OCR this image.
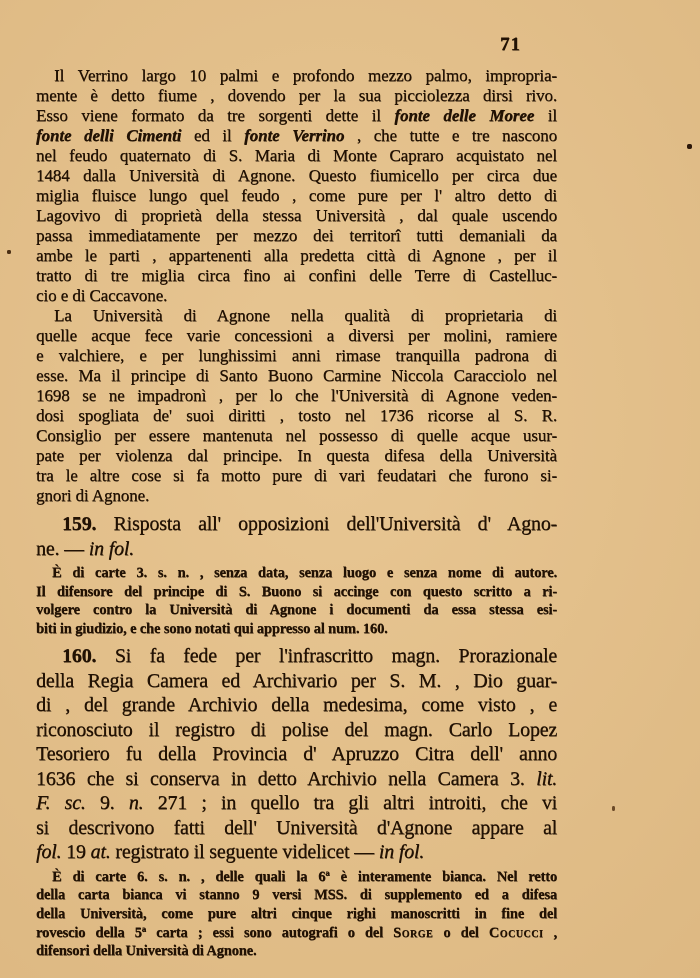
71
Il Verrino largo 10 palmi e profondo mezzo palmo, impropria-
mente è detto fiume , dovendo per la sua picciolezza dirsi rivo.
Esso viene formato da tre sorgenti dette il fonte delle Moree il
fonte delli Cimenti ed il fonte Verrino , che tutte e tre nascono
nel feudo quaternato di S. Maria di Monte Capraro acquistato nel
1484 dalla Università di Agnone. Questo fiumicello per circa due
miglia fluisce lungo quel feudo , come pure per l' altro detto di
Lagovivo di proprietà della stessa Università , dal quale uscendo
passa immediatamente per mezzo dei territorî tutti demaniali da
ambe le parti , appartenenti alla predetta città di Agnone , per il
tratto di tre miglia circa fino ai confini delle Terre di Castelluc-
cio e di Caccavone.
La Università di Agnone nella qualità di proprietaria di
quelle acque fece varie concessioni a diversi per molini, ramiere
e valchiere, e per lunghissimi anni rimase tranquilla padrona di
esse. Ma il principe di Santo Buono Carmine Niccola Caracciolo nel
1698 se ne impadronì , per lo che l'Università di Agnone veden-
dosi spogliata de' suoi diritti , tosto nel 1736 ricorse al S. R.
Consiglio per essere mantenuta nel possesso di quelle acque usur-
pate per violenza dal principe. In questa difesa della Università
tra le altre cose si fa motto pure di vari feudatari che furono si-
gnori di Agnone.
159. Risposta all' opposizioni dell'Università d' Agno-
ne. — in fol.
È di carte 3. s. n. , senza data, senza luogo e senza nome di autore.
Il difensore del principe di S. Buono si accinge con questo scritto a ri-
volgere contro la Università di Agnone i documenti da essa stessa esi-
biti in giudizio, e che sono notati qui appresso al num. 160.
160. Si fa fede per l'infrascritto magn. Prorazionale
della Regia Camera ed Archivario per S. M. , Dio guar-
di , del grande Archivio della medesima, come visto , e
riconosciuto il registro di polise del magn. Carlo Lopez
Tesoriero fu della Provincia d' Apruzzo Citra dell' anno
1636 che si conserva in detto Archivio nella Camera 3. lit.
F. sc. 9. n. 271 ; in quello tra gli altri introiti, che vi
si descrivono fatti dell' Università d'Agnone appare al
fol. 19 at. registrato il seguente videlicet — in fol.
È di carte 6. s. n. , delle quali la 6ª è interamente bianca. Nel retto
della carta bianca vi stanno 9 versi MSS. di supplemento ed a difesa
della Università, come pure altri cinque righi manoscritti in fine del
rovescio della 5ª carta ; essi sono autografi o del Sorge o del Cocucci ,
difensori della Università di Agnone.
